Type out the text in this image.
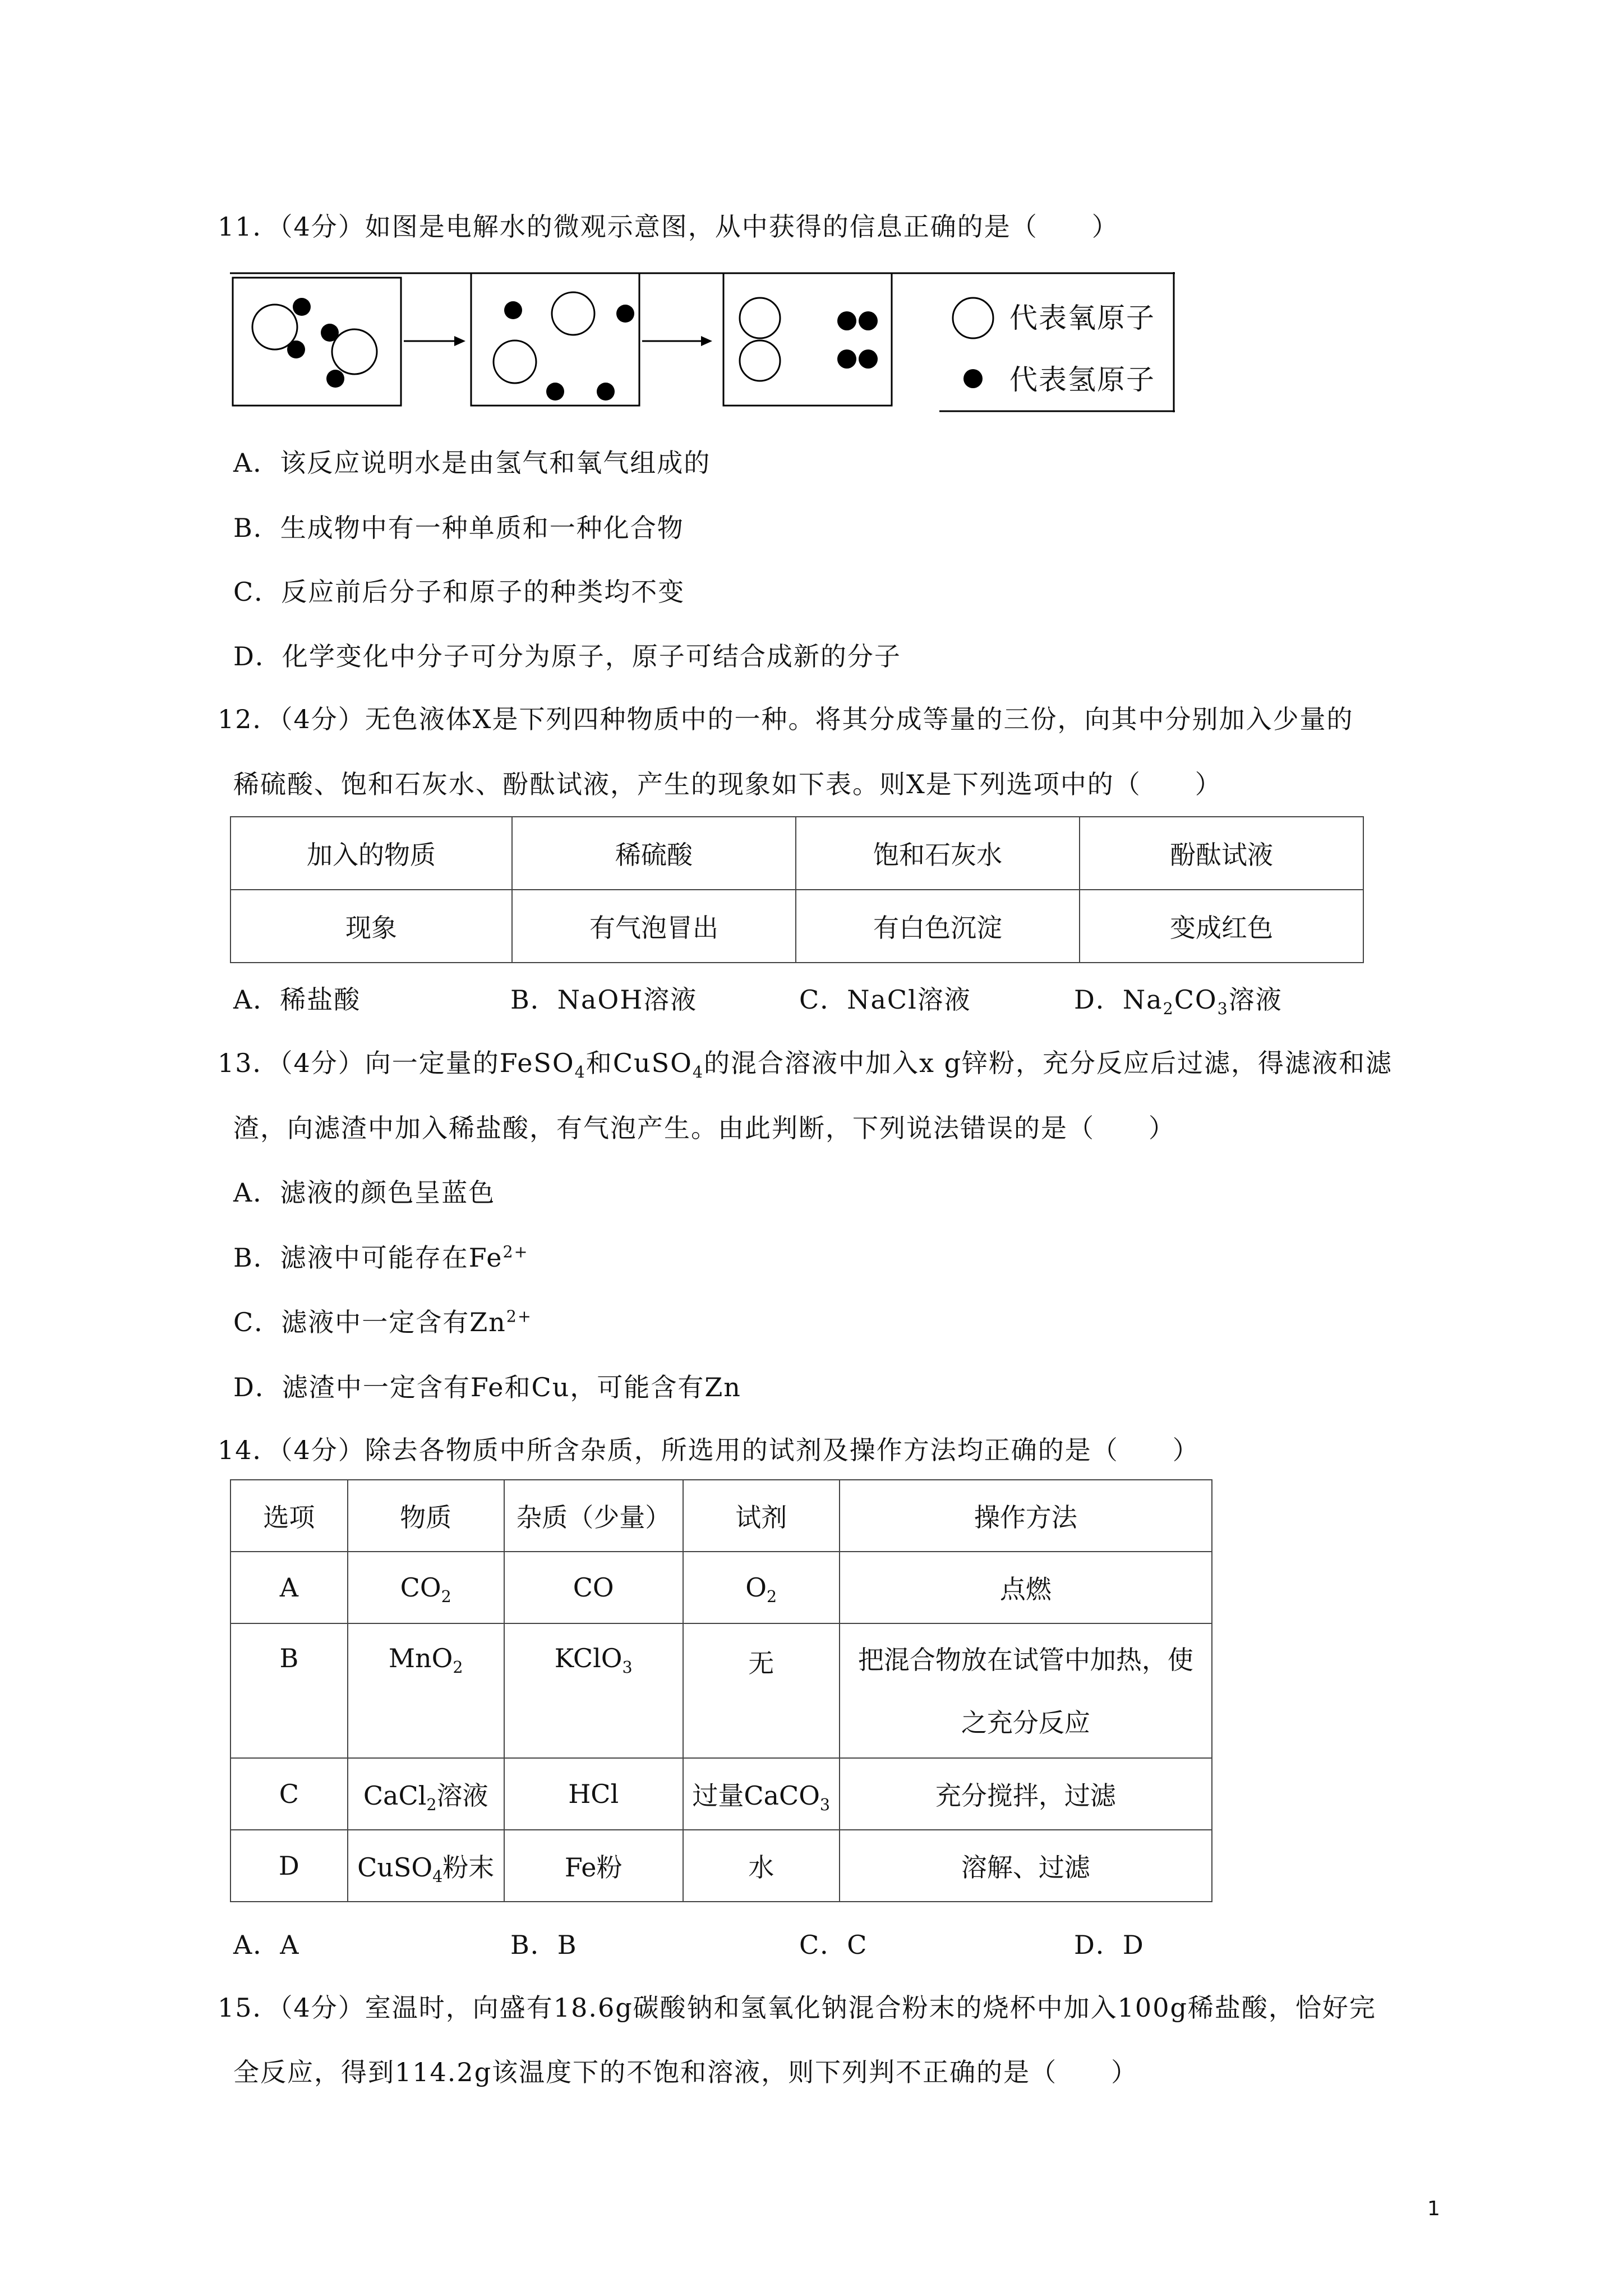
11．（4分）如图是电解水的微观示意图，从中获得的信息正确的是（　　）
代表氧原子
代表氢原子
A．该反应说明水是由氢气和氧气组成的
B．生成物中有一种单质和一种化合物
C．反应前后分子和原子的种类均不变
D．化学变化中分子可分为原子，原子可结合成新的分子
12．（4分）无色液体X是下列四种物质中的一种。将其分成等量的三份，向其中分别加入少量的
稀硫酸、饱和石灰水、酚酞试液，产生的现象如下表。则X是下列选项中的（　　）
加入的物质	稀硫酸	饱和石灰水	酚酞试液
现象	有气泡冒出	有白色沉淀	变成红色
A．稀盐酸	B．NaOH溶液	C．NaCl溶液	D．$Na_2CO_3$溶液
13．（4分）向一定量的FeSO$_4$和CuSO$_4$的混合溶液中加入x g锌粉，充分反应后过滤，得滤液和滤
渣，向滤渣中加入稀盐酸，有气泡产生。由此判断，下列说法错误的是（　　）
A．滤液的颜色呈蓝色
B．滤液中可能存在$Fe^{2+}$
C．滤液中一定含有$Zn^{2+}$
D．滤渣中一定含有Fe和Cu，可能含有Zn
14．（4分）除去各物质中所含杂质，所选用的试剂及操作方法均正确的是（　　）
选项	物质	杂质（少量）	试剂	操作方法
A	$CO_2$	CO	$O_2$	点燃
B	MnO$_2$	KClO$_3$	无	把混合物放在试管中加热，使
之充分反应

C	CaCl$_2$溶液	HCl	过量CaCO$_3$	充分搅拌，过滤
D	CuSO$_4$粉末	Fe粉	水	溶解、过滤
A．A	B．B	C．C	D．D
15．（4分）室温时，向盛有18.6g碳酸钠和氢氧化钠混合粉末的烧杯中加入100g稀盐酸，恰好完
全反应，得到114.2g该温度下的不饱和溶液，则下列判不正确的是（　　）
1
